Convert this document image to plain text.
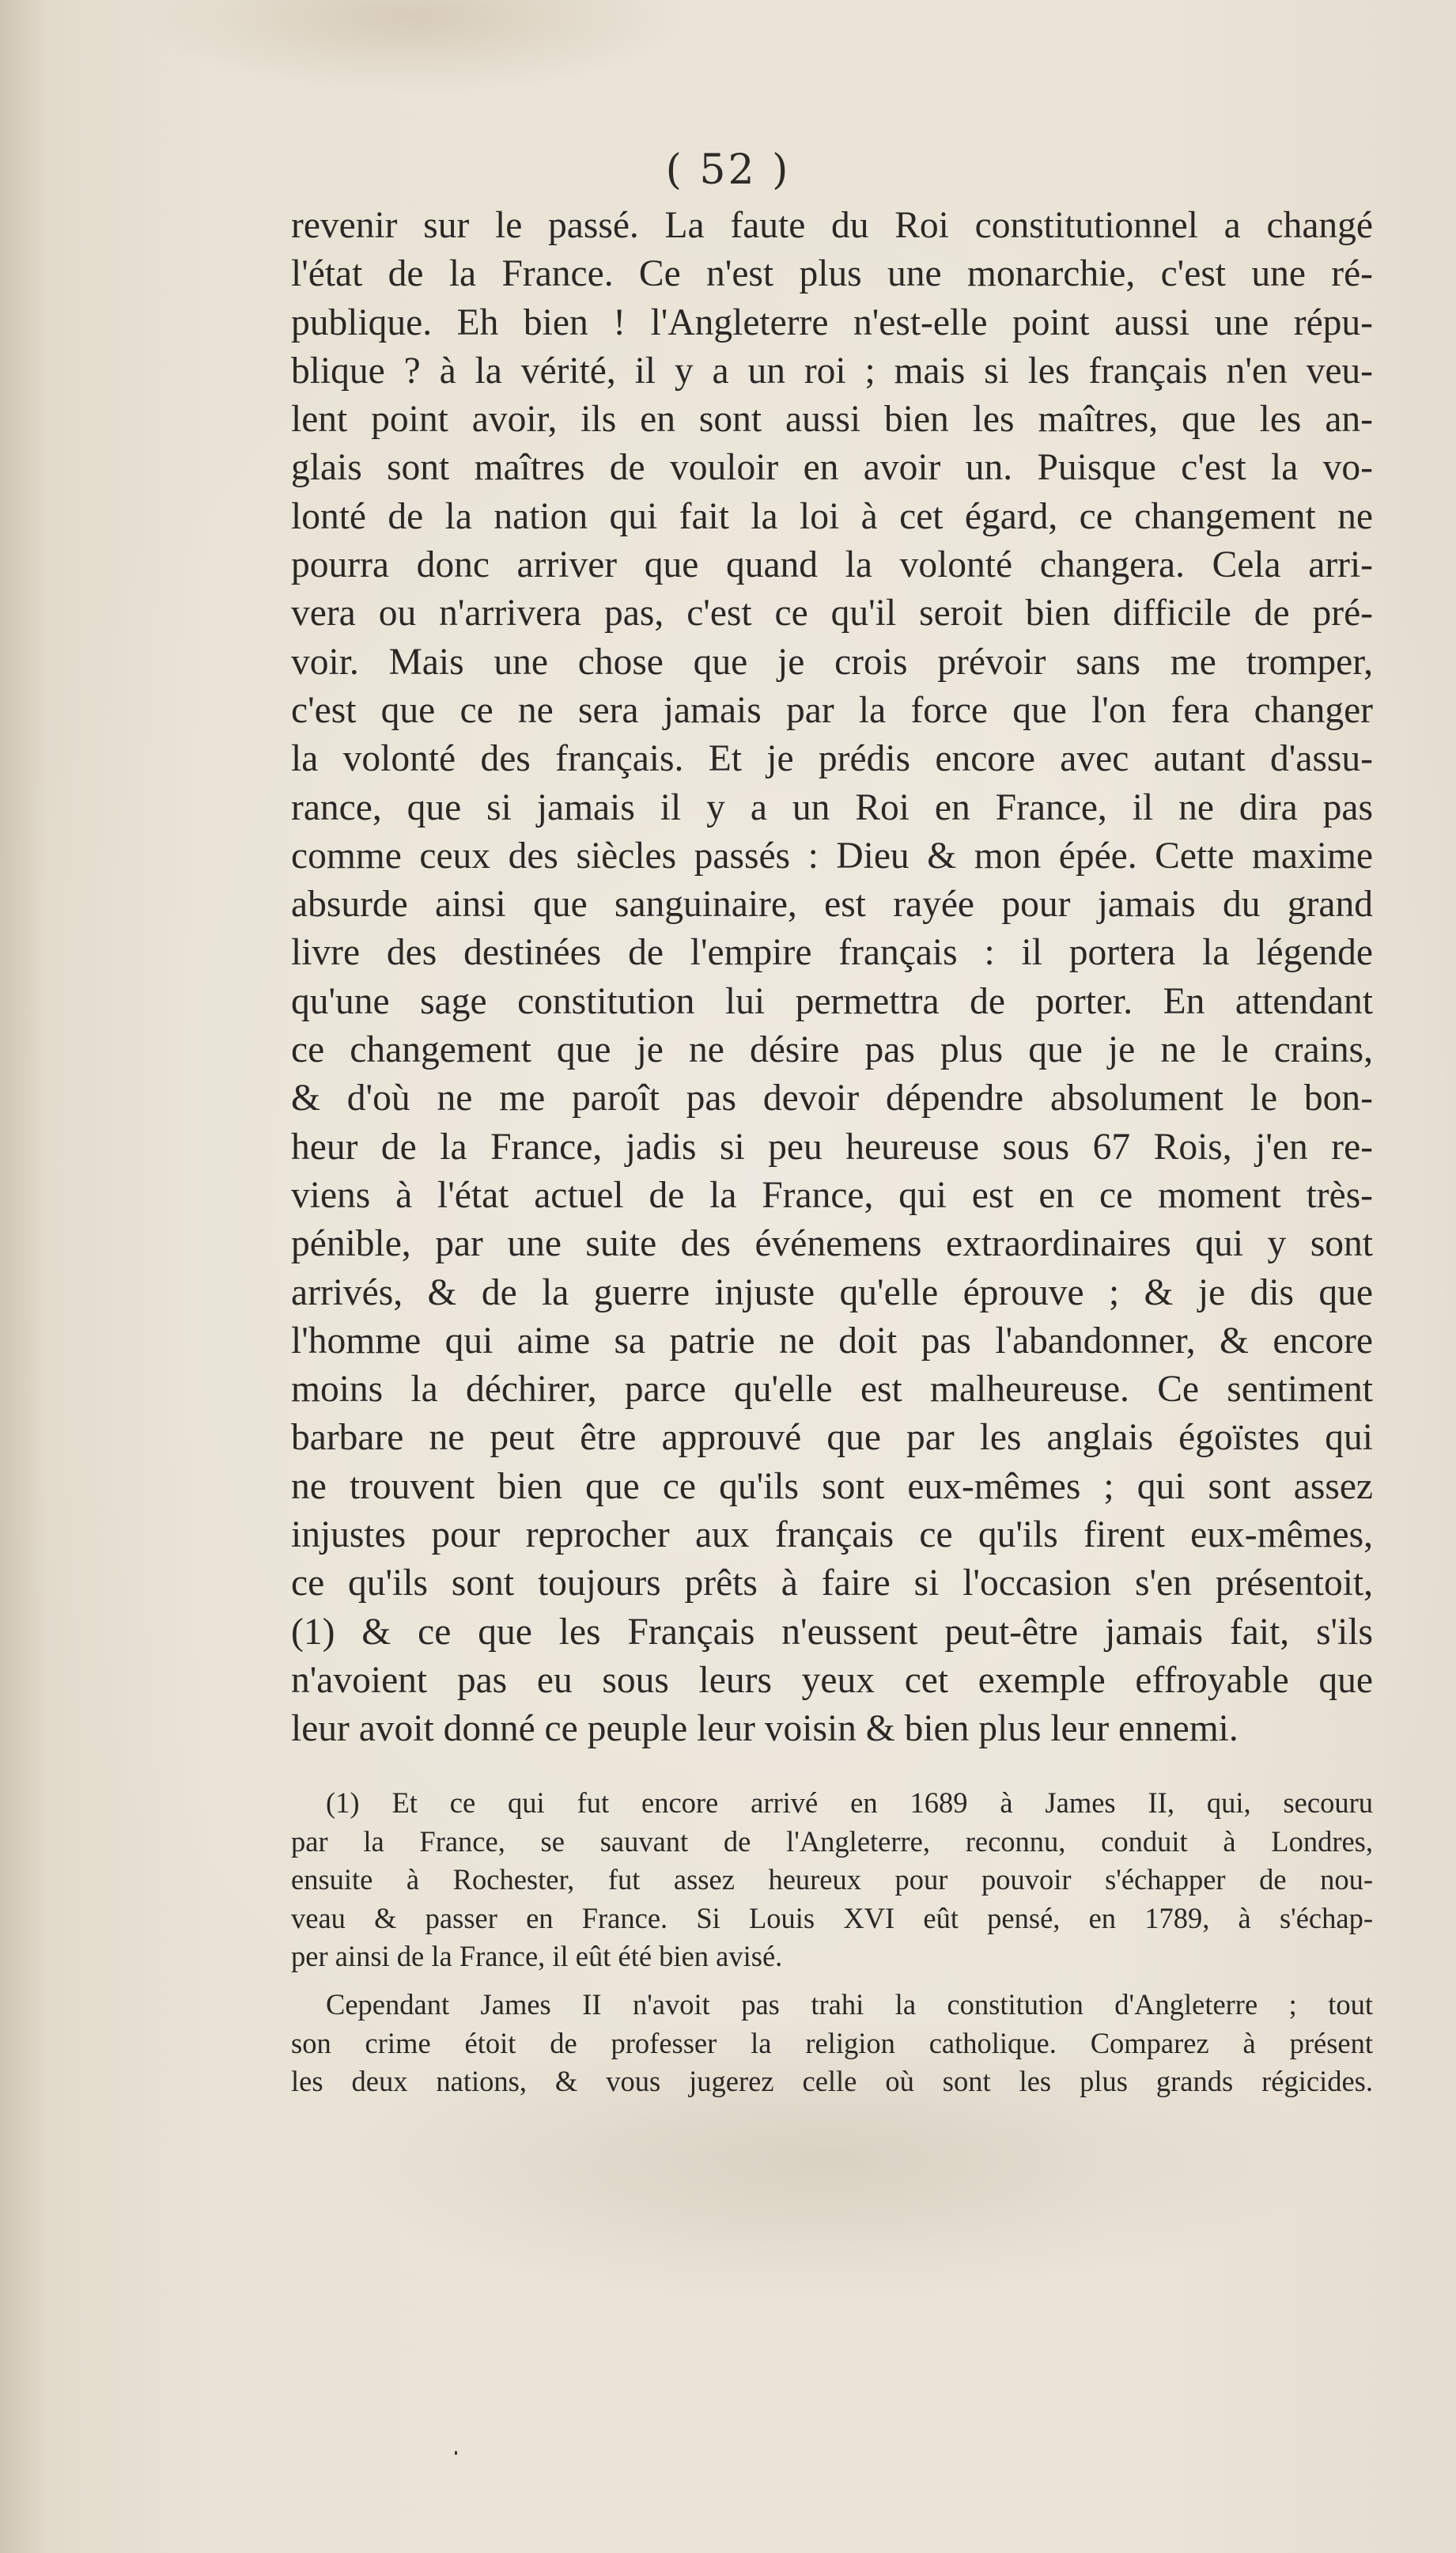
( 52 )
revenir sur le passé. La faute du Roi constitutionnel a changé
l'état de la France. Ce n'est plus une monarchie, c'est une ré-
publique. Eh bien ! l'Angleterre n'est-elle point aussi une répu-
blique ? à la vérité, il y a un roi ; mais si les français n'en veu-
lent point avoir, ils en sont aussi bien les maîtres, que les an-
glais sont maîtres de vouloir en avoir un. Puisque c'est la vo-
lonté de la nation qui fait la loi à cet égard, ce changement ne
pourra donc arriver que quand la volonté changera. Cela arri-
vera ou n'arrivera pas, c'est ce qu'il seroit bien difficile de pré-
voir. Mais une chose que je crois prévoir sans me tromper,
c'est que ce ne sera jamais par la force que l'on fera changer
la volonté des français. Et je prédis encore avec autant d'assu-
rance, que si jamais il y a un Roi en France, il ne dira pas
comme ceux des siècles passés : Dieu & mon épée. Cette maxime
absurde ainsi que sanguinaire, est rayée pour jamais du grand
livre des destinées de l'empire français : il portera la légende
qu'une sage constitution lui permettra de porter. En attendant
ce changement que je ne désire pas plus que je ne le crains,
& d'où ne me paroît pas devoir dépendre absolument le bon-
heur de la France, jadis si peu heureuse sous 67 Rois, j'en re-
viens à l'état actuel de la France, qui est en ce moment très-
pénible, par une suite des événemens extraordinaires qui y sont
arrivés, & de la guerre injuste qu'elle éprouve ; & je dis que
l'homme qui aime sa patrie ne doit pas l'abandonner, & encore
moins la déchirer, parce qu'elle est malheureuse. Ce sentiment
barbare ne peut être approuvé que par les anglais égoïstes qui
ne trouvent bien que ce qu'ils sont eux-mêmes ; qui sont assez
injustes pour reprocher aux français ce qu'ils firent eux-mêmes,
ce qu'ils sont toujours prêts à faire si l'occasion s'en présentoit,
(1) & ce que les Français n'eussent peut-être jamais fait, s'ils
n'avoient pas eu sous leurs yeux cet exemple effroyable que
leur avoit donné ce peuple leur voisin & bien plus leur ennemi.
(1) Et ce qui fut encore arrivé en 1689 à James II, qui, secouru
par la France, se sauvant de l'Angleterre, reconnu, conduit à Londres,
ensuite à Rochester, fut assez heureux pour pouvoir s'échapper de nou-
veau & passer en France. Si Louis XVI eût pensé, en 1789, à s'échap-
per ainsi de la France, il eût été bien avisé.
Cependant James II n'avoit pas trahi la constitution d'Angleterre ; tout
son crime étoit de professer la religion catholique. Comparez à présent
les deux nations, & vous jugerez celle où sont les plus grands régicides.
